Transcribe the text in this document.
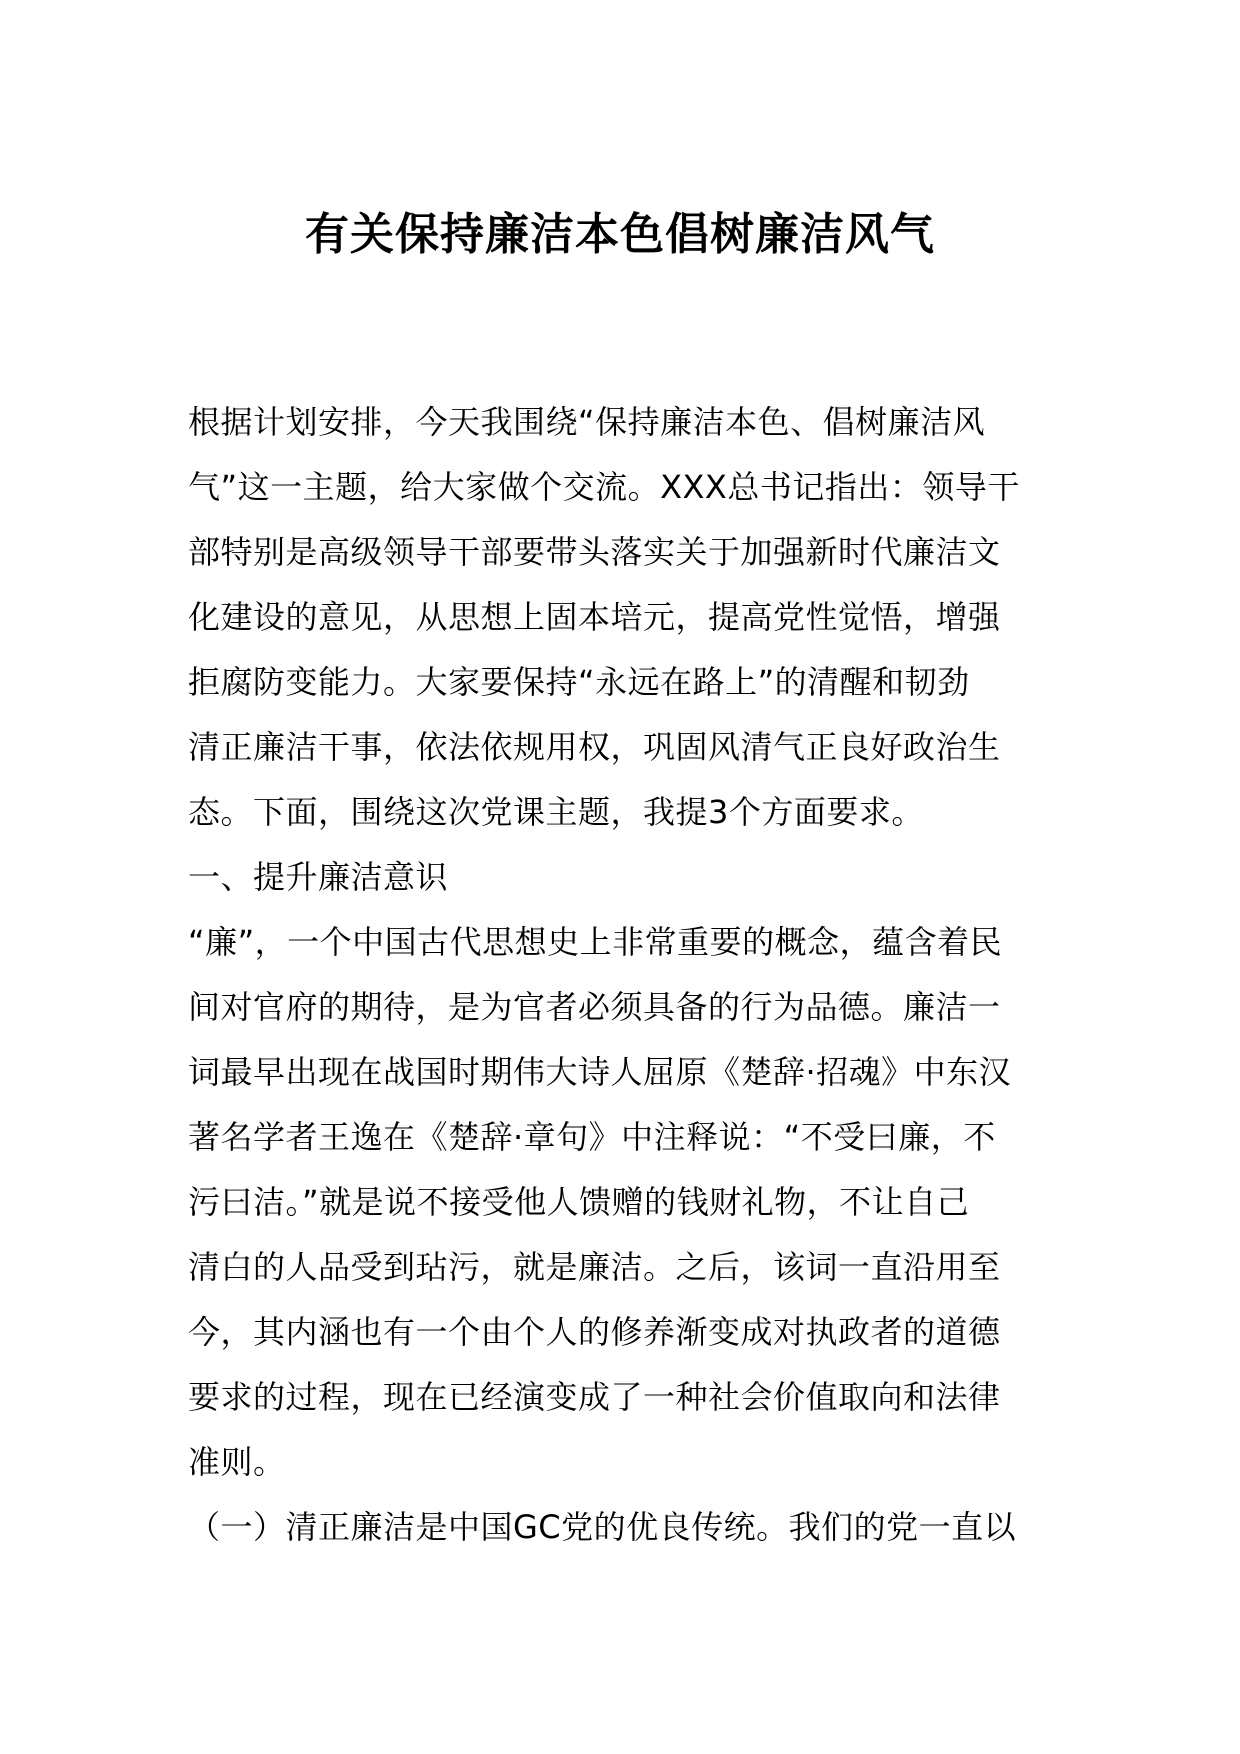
有关保持廉洁本色倡树廉洁风气
根据计划安排，今天我围绕“保持廉洁本色、倡树廉洁风
气”这一主题，给大家做个交流。XXX总书记指出：领导干
部特别是高级领导干部要带头落实关于加强新时代廉洁文
化建设的意见，从思想上固本培元，提高党性觉悟，增强
拒腐防变能力。大家要保持“永远在路上”的清醒和韧劲
清正廉洁干事，依法依规用权，巩固风清气正良好政治生
态。下面，围绕这次党课主题，我提3个方面要求。
一、提升廉洁意识
“廉”，一个中国古代思想史上非常重要的概念，蕴含着民
间对官府的期待，是为官者必须具备的行为品德。廉洁一
词最早出现在战国时期伟大诗人屈原《楚辞·招魂》中东汉
著名学者王逸在《楚辞·章句》中注释说：“不受曰廉，不
污曰洁。”就是说不接受他人馈赠的钱财礼物，不让自己
清白的人品受到玷污，就是廉洁。之后，该词一直沿用至
今，其内涵也有一个由个人的修养渐变成对执政者的道德
要求的过程，现在已经演变成了一种社会价值取向和法律
准则。
（一）清正廉洁是中国GC党的优良传统。我们的党一直以
